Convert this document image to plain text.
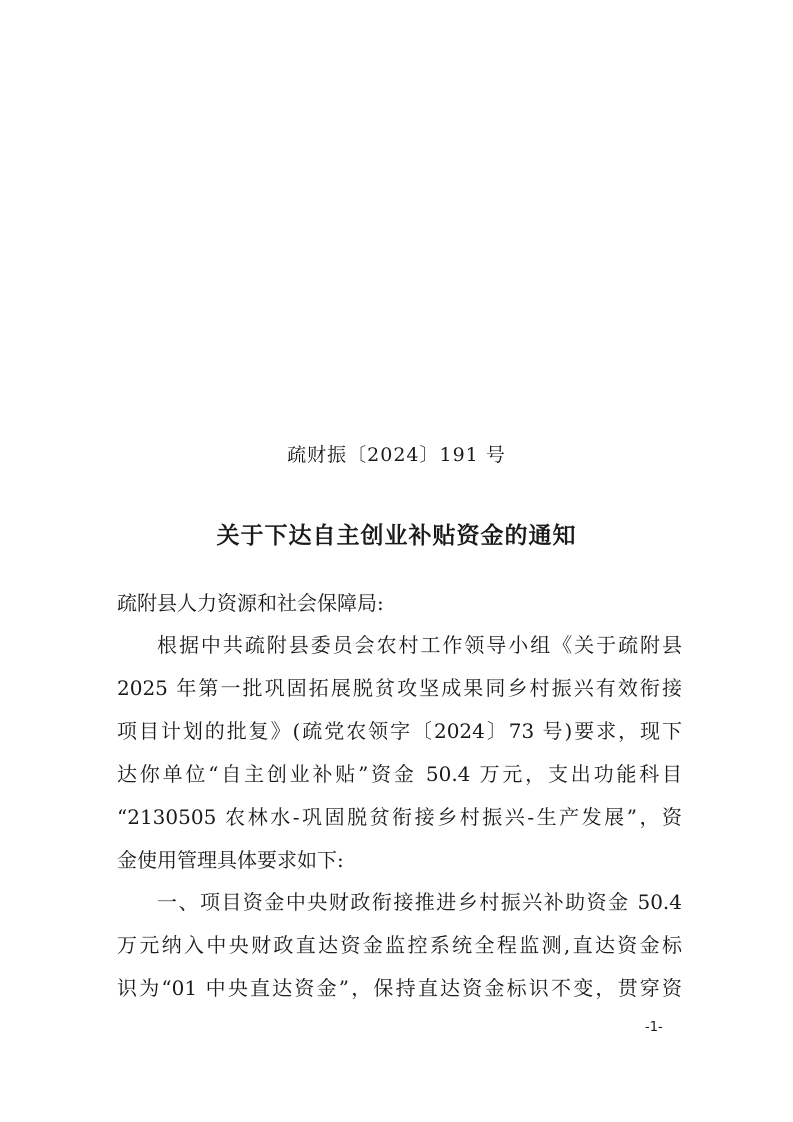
疏财振〔2024〕191 号
关于下达自主创业补贴资金的通知
疏附县人力资源和社会保障局:
根据中共疏附县委员会农村工作领导小组《关于疏附县
2025 年第一批巩固拓展脱贫攻坚成果同乡村振兴有效衔接
项目计划的批复》(疏党农领字〔2024〕73 号)要求，现下
达你单位“自主创业补贴”资金 50.4 万元，支出功能科目
“2130505 农林水-巩固脱贫衔接乡村振兴-生产发展”，资
金使用管理具体要求如下:
一、项目资金中央财政衔接推进乡村振兴补助资金 50.4
万元纳入中央财政直达资金监控系统全程监测,直达资金标
识为“01 中央直达资金”，保持直达资金标识不变，贯穿资
-1-
